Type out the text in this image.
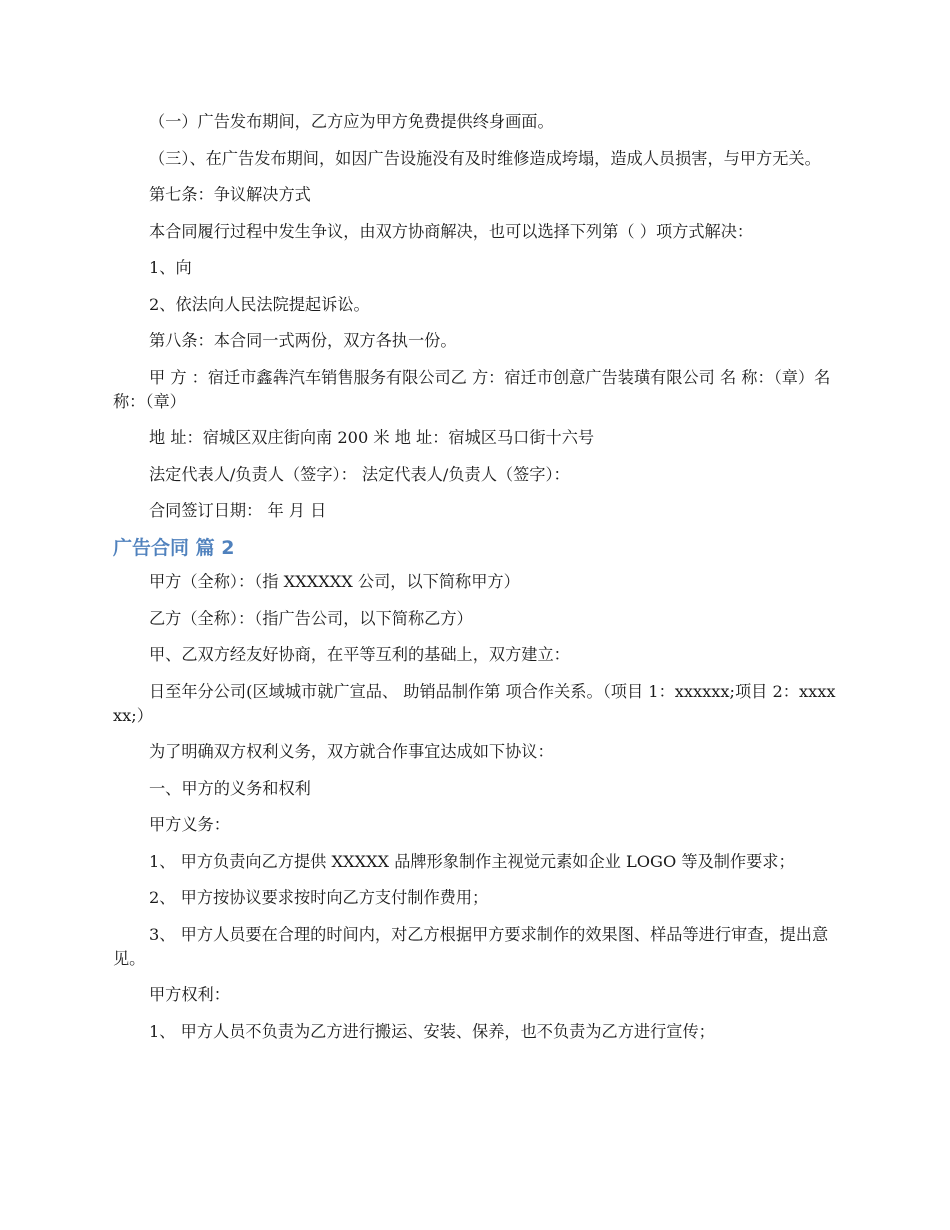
（一）广告发布期间，乙方应为甲方免费提供终身画面。

（三）、在广告发布期间，如因广告设施没有及时维修造成垮塌，造成人员损害，与甲方无关。

第七条：争议解决方式

本合同履行过程中发生争议，由双方协商解决，也可以选择下列第（ ）项方式解决：

1、向

2、依法向人民法院提起诉讼。

第八条：本合同一式两份，双方各执一份。

甲 方 ：宿迁市鑫犇汽车销售服务有限公司乙 方：宿迁市创意广告装璜有限公司 名 称：（章）名 称：（章）

地 址：宿城区双庄街向南 200 米 地 址：宿城区马口街十六号

法定代表人/负责人（签字）： 法定代表人/负责人（签字）：

合同签订日期： 年 月 日

广告合同 篇 2

甲方（全称）：（指 XXXXXX 公司，以下简称甲方）

乙方（全称）：（指广告公司，以下简称乙方）

甲、乙双方经友好协商，在平等互利的基础上，双方建立：

日至年分公司(区域城市就广宣品、 助销品制作第 项合作关系。（项目 1：xxxxxx;项目 2：xxxxxx;）

为了明确双方权利义务，双方就合作事宜达成如下协议：

一、甲方的义务和权利

甲方义务：

1、 甲方负责向乙方提供 XXXXX 品牌形象制作主视觉元素如企业 LOGO 等及制作要求；

2、 甲方按协议要求按时向乙方支付制作费用；

3、 甲方人员要在合理的时间内，对乙方根据甲方要求制作的效果图、样品等进行审查，提出意见。

甲方权利：

1、 甲方人员不负责为乙方进行搬运、安装、保养，也不负责为乙方进行宣传；
